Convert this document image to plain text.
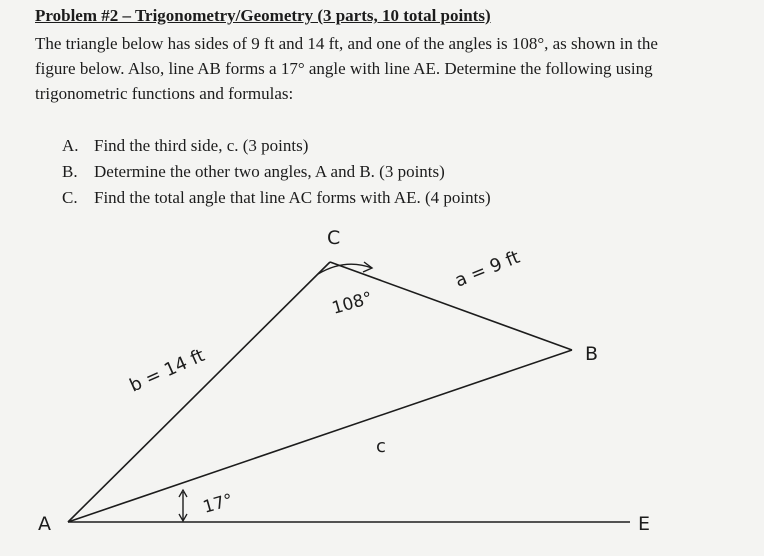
Problem #2 – Trigonometry/Geometry (3 parts, 10 total points)
The triangle below has sides of 9 ft and 14 ft, and one of the angles is 108°, as shown in the
figure below. Also, line AB forms a 17° angle with line AE. Determine the following using
trigonometric functions and formulas:
A. Find the third side, c. (3 points)
B. Determine the other two angles, A and B. (3 points)
C. Find the total angle that line AC forms with AE. (4 points)
A
C
B
E
b = 14 ft
a = 9 ft
c
108°
17°
